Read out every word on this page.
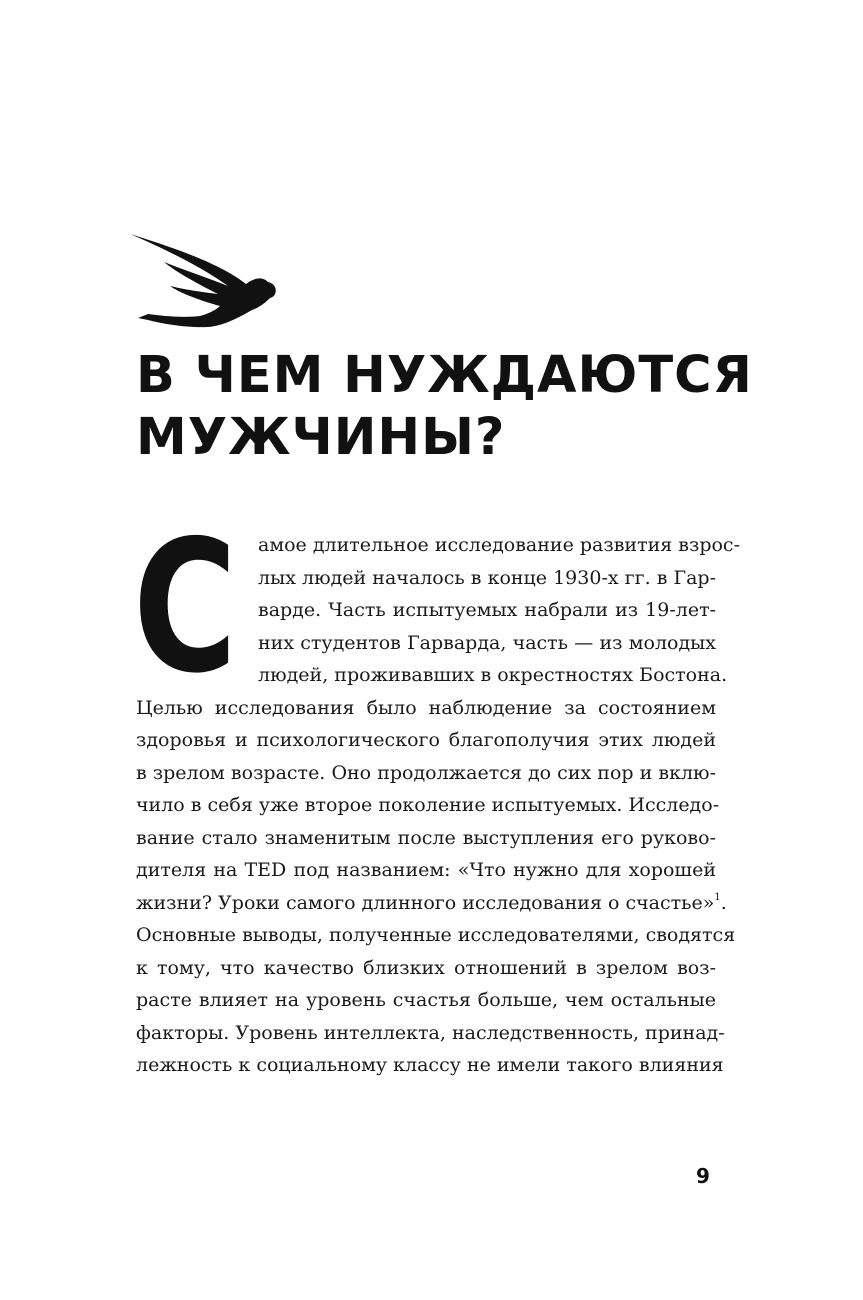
В ЧЕМ НУЖДАЮТСЯ
МУЖЧИНЫ?
С амое длительное исследование развития взрос-
лых людей началось в конце 1930-х гг. в Гар-
варде. Часть испытуемых набрали из 19-лет-
них студентов Гарварда, часть — из молодых
людей, проживавших в окрестностях Бостона.
Целью исследования было наблюдение за состоянием
здоровья и психологического благополучия этих людей
в зрелом возрасте. Оно продолжается до сих пор и вклю-
чило в себя уже второе поколение испытуемых. Исследо-
вание стало знаменитым после выступления его руково-
дителя на TED под названием: «Что нужно для хорошей
жизни? Уроки самого длинного исследования о счастье»$^1$.
Основные выводы, полученные исследователями, сводятся
к тому, что качество близких отношений в зрелом воз-
расте влияет на уровень счастья больше, чем остальные
факторы. Уровень интеллекта, наследственность, принад-
лежность к социальному классу не имели такого влияния
9
